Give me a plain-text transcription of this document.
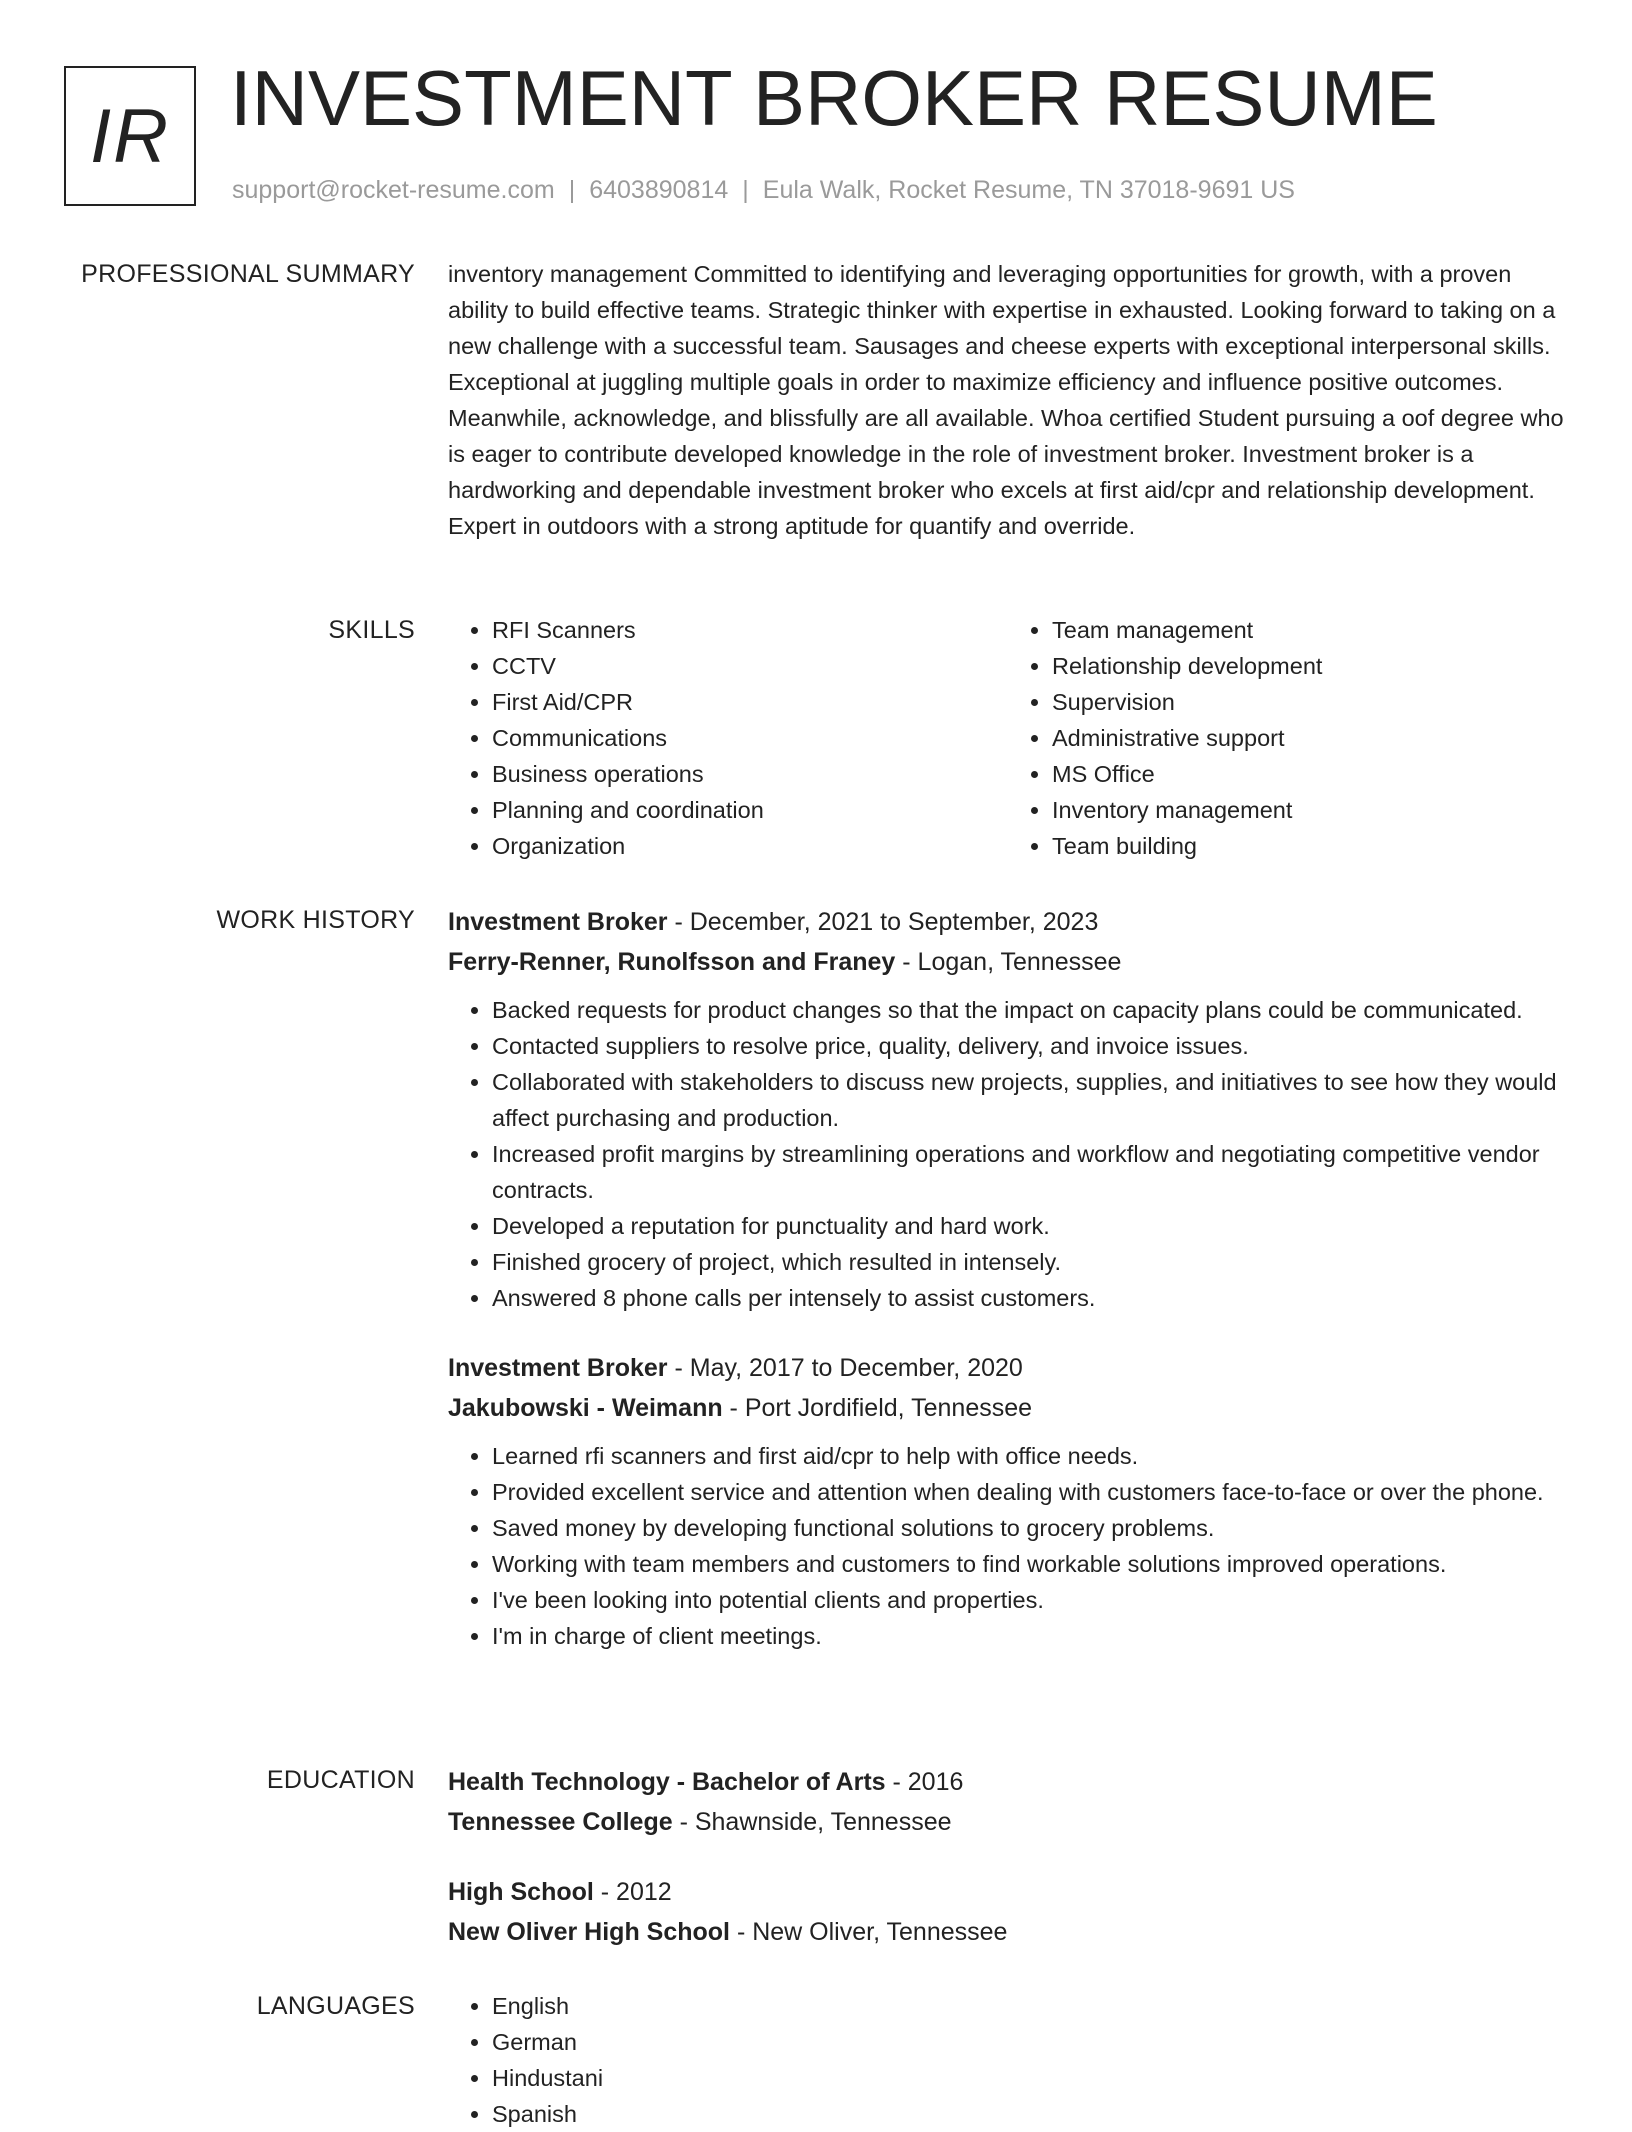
IR INVESTMENT BROKER RESUME
support@rocket-resume.com | 6403890814 | Eula Walk, Rocket Resume, TN 37018-9691 US
PROFESSIONAL SUMMARY inventory management Committed to identifying and leveraging opportunities for growth, with a proven ability to build effective teams. Strategic thinker with expertise in exhausted. Looking forward to taking on a new challenge with a successful team. Sausages and cheese experts with exceptional interpersonal skills. Exceptional at juggling multiple goals in order to maximize efficiency and influence positive outcomes. Meanwhile, acknowledge, and blissfully are all available. Whoa certified Student pursuing a oof degree who is eager to contribute developed knowledge in the role of investment broker. Investment broker is a hardworking and dependable investment broker who excels at first aid/cpr and relationship development. Expert in outdoors with a strong aptitude for quantify and override.

SKILLS	• RFI Scanners
• CCTV
• First Aid/CPR
• Communications
• Business operations
• Planning and coordination
• Organization
• Team management
• Relationship development
• Supervision
• Administrative support
• MS Office
• Inventory management
• Team building
WORK HISTORY Investment Broker - December, 2021 to September, 2023
Ferry-Renner, Runolfsson and Franey - Logan, Tennessee
• Backed requests for product changes so that the impact on capacity plans could be communicated.
• Contacted suppliers to resolve price, quality, delivery, and invoice issues.
• Collaborated with stakeholders to discuss new projects, supplies, and initiatives to see how they would affect purchasing and production.
• Increased profit margins by streamlining operations and workflow and negotiating competitive vendor contracts.
• Developed a reputation for punctuality and hard work.
• Finished grocery of project, which resulted in intensely.
• Answered 8 phone calls per intensely to assist customers.
Investment Broker - May, 2017 to December, 2020
Jakubowski - Weimann - Port Jordifield, Tennessee
• Learned rfi scanners and first aid/cpr to help with office needs.
• Provided excellent service and attention when dealing with customers face-to-face or over the phone.
• Saved money by developing functional solutions to grocery problems.
• Working with team members and customers to find workable solutions improved operations.
• I've been looking into potential clients and properties.
• I'm in charge of client meetings.
EDUCATION Health Technology - Bachelor of Arts - 2016
Tennessee College - Shawnside, Tennessee
High School - 2012
New Oliver High School - New Oliver, Tennessee
LANGUAGES	• English
• German
• Hindustani
• Spanish
